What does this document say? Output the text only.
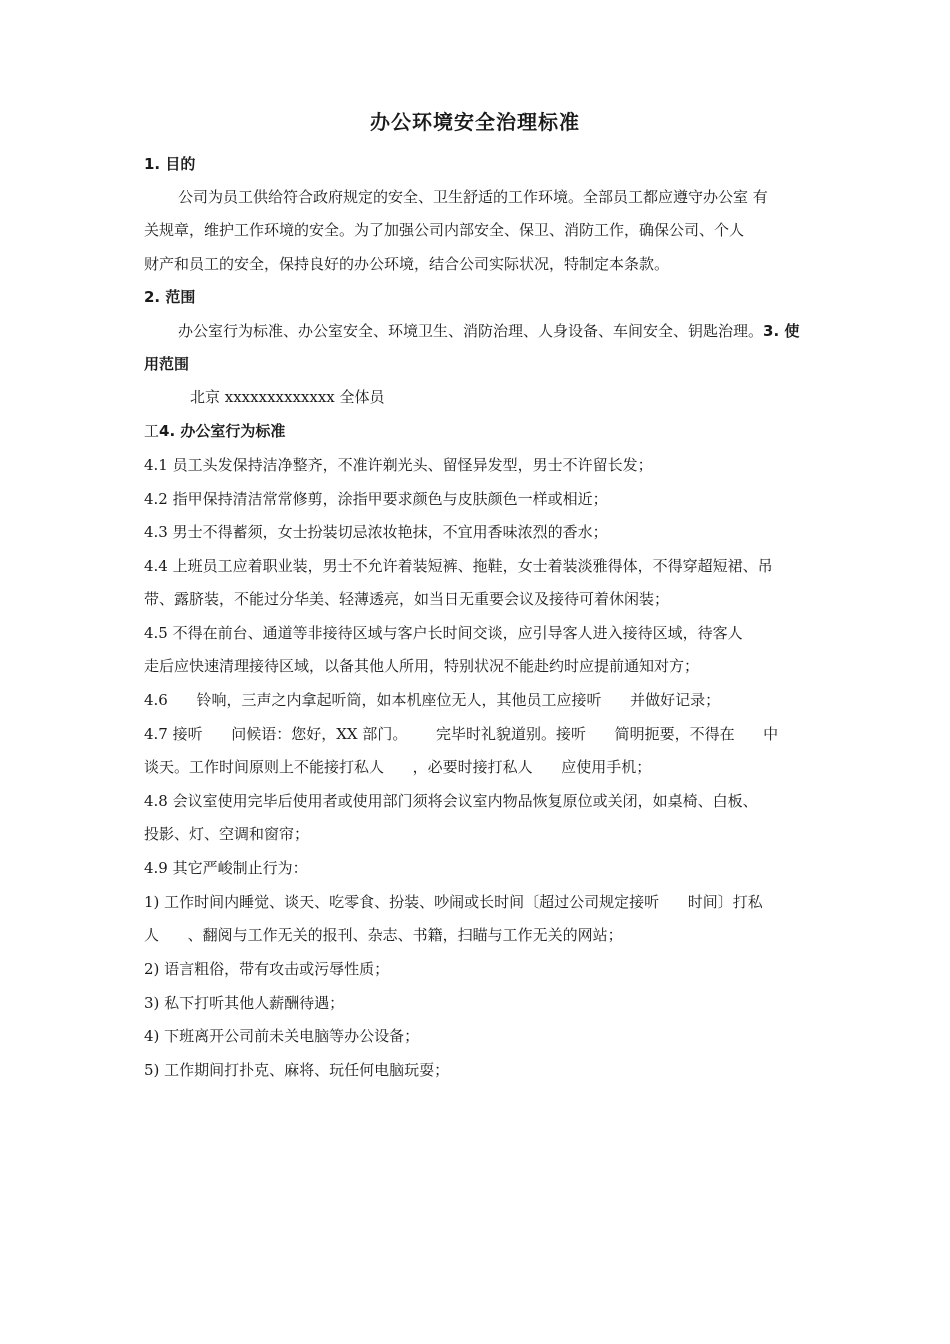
办公环境安全治理标准
1. 目的
公司为员工供给符合政府规定的安全、卫生舒适的工作环境。全部员工都应遵守办公室 有
关规章，维护工作环境的安全。为了加强公司内部安全、保卫、消防工作，确保公司、个人
财产和员工的安全，保持良好的办公环境，结合公司实际状况，特制定本条款。
2. 范围
办公室行为标准、办公室安全、环境卫生、消防治理、人身设备、车间安全、钥匙治理。3. 使
用范围
北京 xxxxxxxxxxxxx 全体员
工4. 办公室行为标准
4.1 员工头发保持洁净整齐，不准许剃光头、留怪异发型，男士不许留长发；
4.2 指甲保持清洁常常修剪，涂指甲要求颜色与皮肤颜色一样或相近；
4.3 男士不得蓄须，女士扮装切忌浓妆艳抹，不宜用香味浓烈的香水；
4.4 上班员工应着职业装，男士不允许着装短裤、拖鞋，女士着装淡雅得体，不得穿超短裙、吊
带、露脐装，不能过分华美、轻薄透亮，如当日无重要会议及接待可着休闲装；
4.5 不得在前台、通道等非接待区域与客户长时间交谈，应引导客人进入接待区域，待客人
走后应快速清理接待区域，以备其他人所用，特别状况不能赴约时应提前通知对方；
4.6      铃响，三声之内拿起听筒，如本机座位无人，其他员工应接听      并做好记录；
4.7 接听      问候语：您好，XX 部门。      完毕时礼貌道别。接听      简明扼要，不得在      中
谈天。工作时间原则上不能接打私人      ，必要时接打私人      应使用手机；
4.8 会议室使用完毕后使用者或使用部门须将会议室内物品恢复原位或关闭，如桌椅、白板、
投影、灯、空调和窗帘；
4.9 其它严峻制止行为：
1) 工作时间内睡觉、谈天、吃零食、扮装、吵闹或长时间〔超过公司规定接听      时间〕打私
人      、翻阅与工作无关的报刊、杂志、书籍，扫瞄与工作无关的网站；
2) 语言粗俗，带有攻击或污辱性质；
3) 私下打听其他人薪酬待遇；
4) 下班离开公司前未关电脑等办公设备；
5) 工作期间打扑克、麻将、玩任何电脑玩耍；
